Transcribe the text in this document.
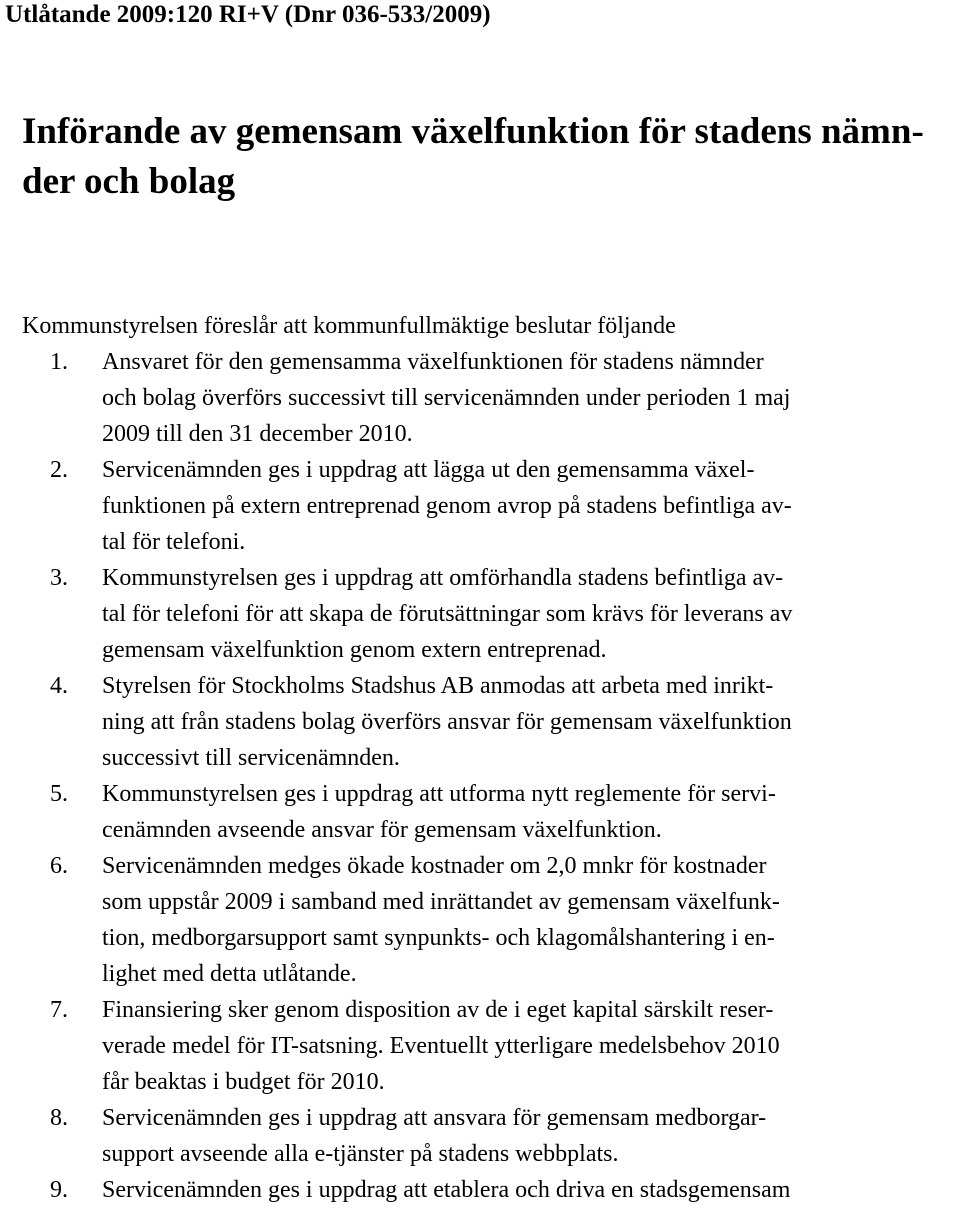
Utlåtande 2009:120 RI+V (Dnr 036-533/2009)
Införande av gemensam växelfunktion för stadens nämn-
der och bolag
Kommunstyrelsen föreslår att kommunfullmäktige beslutar följande
1. Ansvaret för den gemensamma växelfunktionen för stadens nämnder
och bolag överförs successivt till servicenämnden under perioden 1 maj
2009 till den 31 december 2010.
2. Servicenämnden ges i uppdrag att lägga ut den gemensamma växel-
funktionen på extern entreprenad genom avrop på stadens befintliga av-
tal för telefoni.
3. Kommunstyrelsen ges i uppdrag att omförhandla stadens befintliga av-
tal för telefoni för att skapa de förutsättningar som krävs för leverans av
gemensam växelfunktion genom extern entreprenad.
4. Styrelsen för Stockholms Stadshus AB anmodas att arbeta med inrikt-
ning att från stadens bolag överförs ansvar för gemensam växelfunktion
successivt till servicenämnden.
5. Kommunstyrelsen ges i uppdrag att utforma nytt reglemente för servi-
cenämnden avseende ansvar för gemensam växelfunktion.
6. Servicenämnden medges ökade kostnader om 2,0 mnkr för kostnader
som uppstår 2009 i samband med inrättandet av gemensam växelfunk-
tion, medborgarsupport samt synpunkts- och klagomålshantering i en-
lighet med detta utlåtande.
7. Finansiering sker genom disposition av de i eget kapital särskilt reser-
verade medel för IT-satsning. Eventuellt ytterligare medelsbehov 2010
får beaktas i budget för 2010.
8. Servicenämnden ges i uppdrag att ansvara för gemensam medborgar-
support avseende alla e-tjänster på stadens webbplats.
9. Servicenämnden ges i uppdrag att etablera och driva en stadsgemensam
